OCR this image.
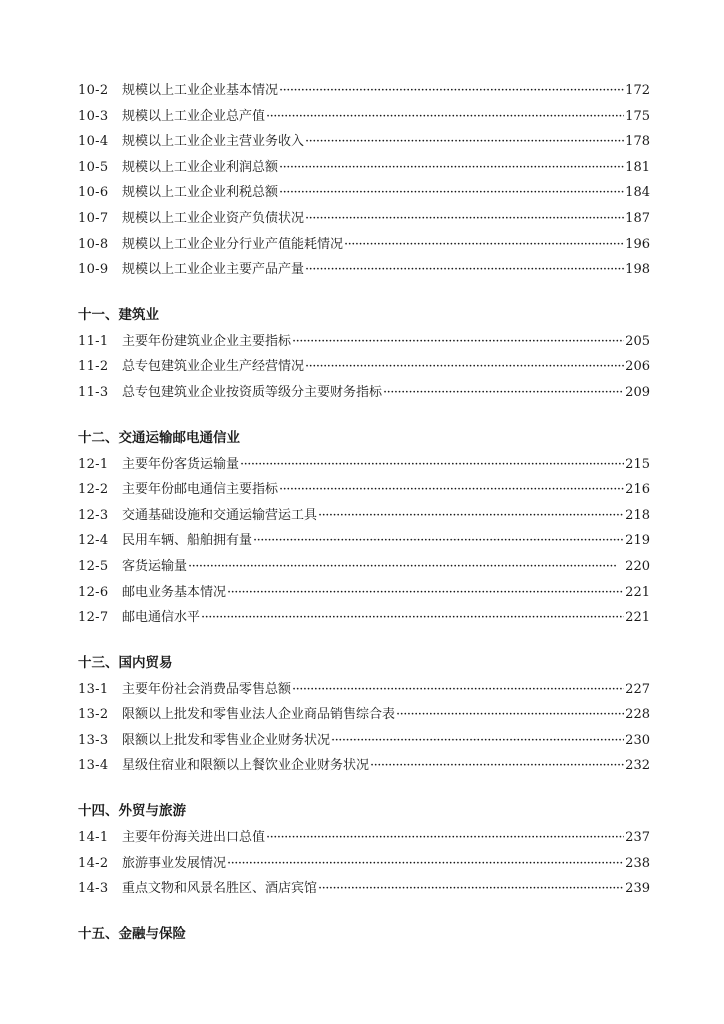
10-2	规模以上工业企业基本情况 ·····	172
10-3	规模以上工业企业总产值 ·····	175
10-4	规模以上工业企业主营业务收入 ·····	178
10-5	规模以上工业企业利润总额 ·····	181
10-6	规模以上工业企业利税总额 ·····	184
10-7	规模以上工业企业资产负债状况 ·····	187
10-8	规模以上工业企业分行业产值能耗情况 ·····	196
10-9	规模以上工业企业主要产品产量 ·····	198
十一、建筑业
11-1	主要年份建筑业企业主要指标 ·····	205
11-2	总专包建筑业企业生产经营情况 ·····	206
11-3	总专包建筑业企业按资质等级分主要财务指标 ·····	209
十二、交通运输邮电通信业
12-1	主要年份客货运输量 ·····	215
12-2	主要年份邮电通信主要指标 ·····	216
12-3	交通基础设施和交通运输营运工具 ·····	218
12-4	民用车辆、船舶拥有量 ·····	219
12-5	客货运输量 ·····	220
12-6	邮电业务基本情况 ·····	221
12-7	邮电通信水平 ·····	221
十三、国内贸易
13-1	主要年份社会消费品零售总额 ·····	227
13-2	限额以上批发和零售业法人企业商品销售综合表 ·····	228
13-3	限额以上批发和零售业企业财务状况 ·····	230
13-4	星级住宿业和限额以上餐饮业企业财务状况 ·····	232
十四、外贸与旅游
14-1	主要年份海关进出口总值 ·····	237
14-2	旅游事业发展情况 ·····	238
14-3	重点文物和风景名胜区、酒店宾馆 ·····	239
十五、金融与保险
